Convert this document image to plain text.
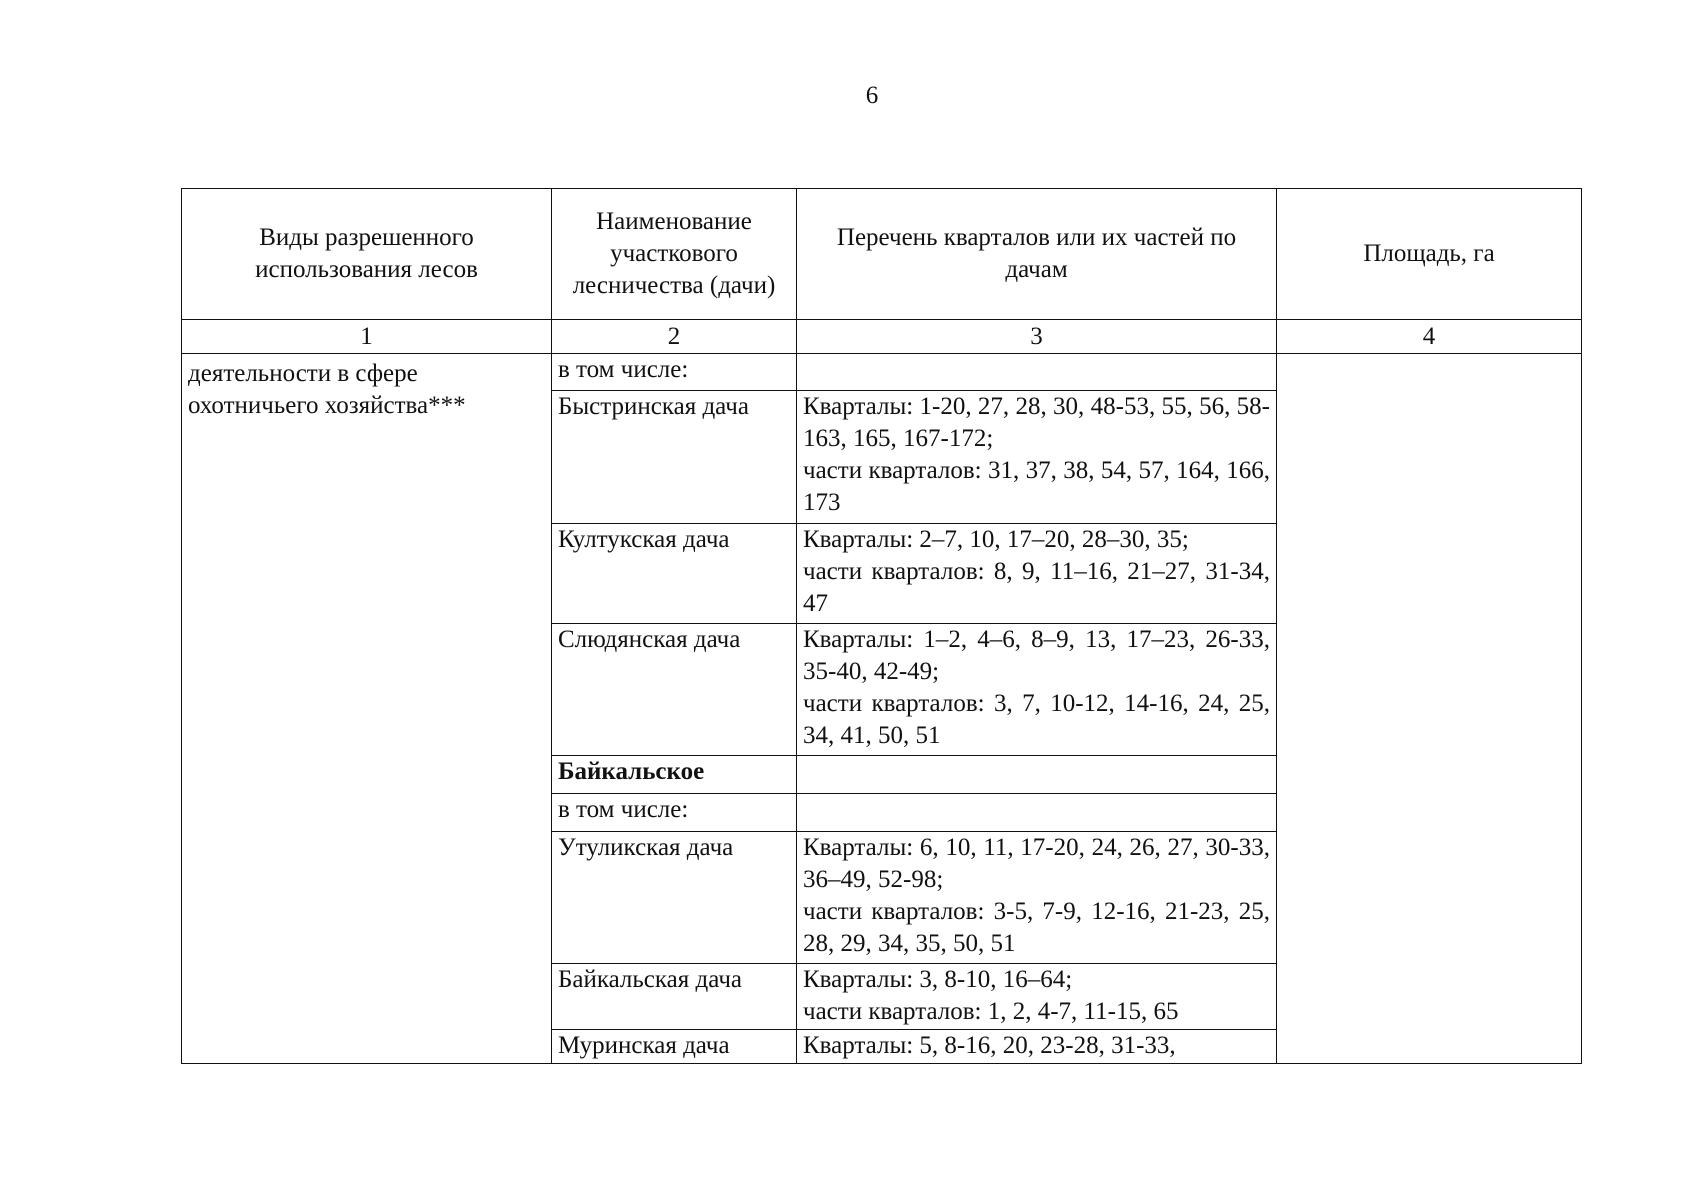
6
Виды разрешенного использования лесов	Наименование участкового лесничества (дачи)	Перечень кварталов или их частей по дачам	Площадь, га
1	2	3	4
деятельности в сфере охотничьего хозяйства***	в том числе:		
	Быстринская дача	Кварталы: 1-20, 27, 28, 30, 48-53, 55, 56, 58-163, 165, 167-172;
части кварталов: 31, 37, 38, 54, 57, 164, 166, 173	

	Култукская дача	Кварталы: 2–7, 10, 17–20, 28–30, 35;
части кварталов: 8, 9, 11–16, 21–27, 31-34, 47	

	Слюдянская дача	Кварталы: 1–2, 4–6, 8–9, 13, 17–23, 26-33, 35-40, 42-49;
части кварталов: 3, 7, 10-12, 14-16, 24, 25, 34, 41, 50, 51	

	Байкальское		
	в том числе:		
	Утуликская дача	Кварталы: 6, 10, 11, 17-20, 24, 26, 27, 30-33, 36–49, 52-98;
части кварталов: 3-5, 7-9, 12-16, 21-23, 25, 28, 29, 34, 35, 50, 51	

	Байкальская дача	Кварталы: 3, 8-10, 16–64;
части кварталов: 1, 2, 4-7, 11-15, 65	

	Муринская дача	Кварталы: 5, 8-16, 20, 23-28, 31-33,	
